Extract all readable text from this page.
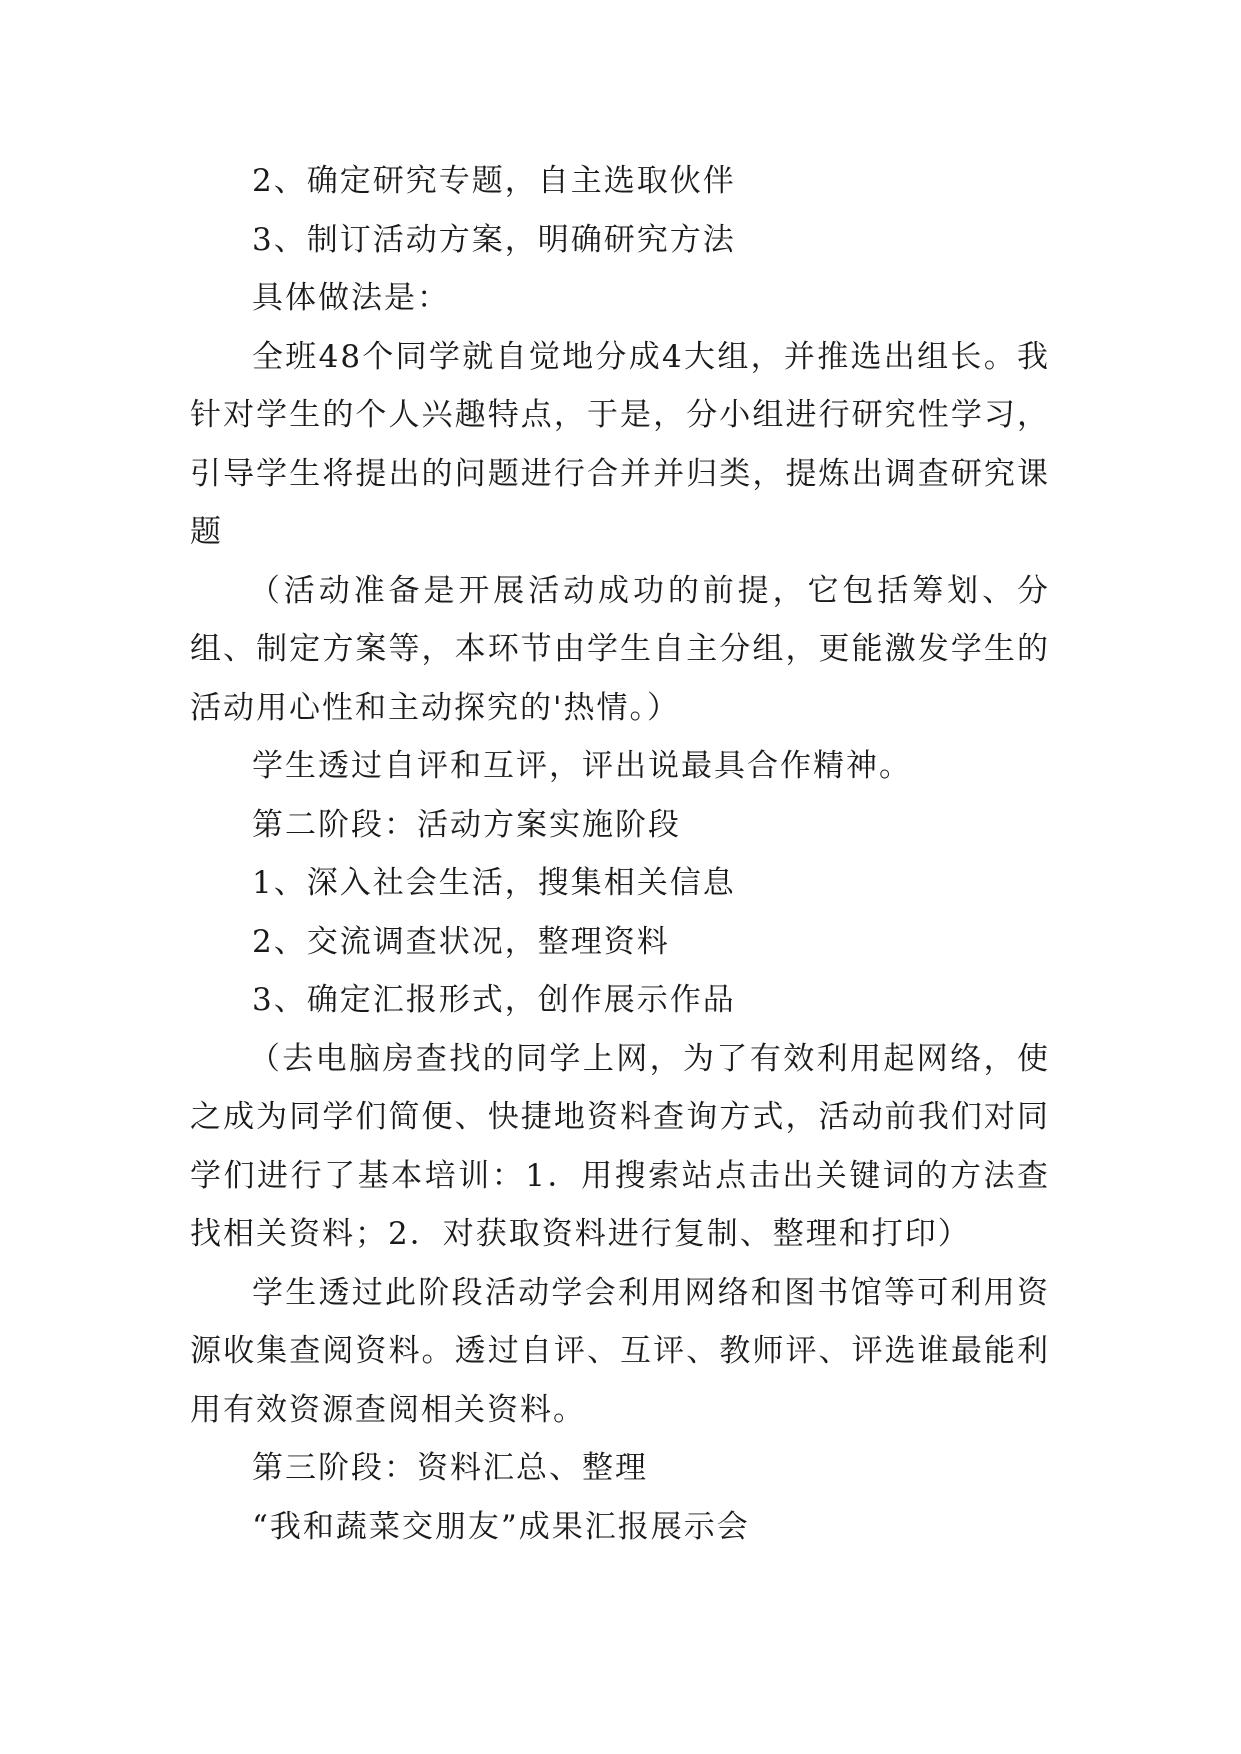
2、确定研究专题，自主选取伙伴

3、制订活动方案，明确研究方法

具体做法是：

全班48个同学就自觉地分成4大组，并推选出组长。我针对学生的个人兴趣特点，于是，分小组进行研究性学习，引导学生将提出的问题进行合并并归类，提炼出调查研究课题

（活动准备是开展活动成功的前提，它包括筹划、分组、制定方案等，本环节由学生自主分组，更能激发学生的活动用心性和主动探究的'热情。）

学生透过自评和互评，评出说最具合作精神。

第二阶段：活动方案实施阶段

1、深入社会生活，搜集相关信息

2、交流调查状况，整理资料

3、确定汇报形式，创作展示作品

（去电脑房查找的同学上网，为了有效利用起网络，使之成为同学们简便、快捷地资料查询方式，活动前我们对同学们进行了基本培训：1．用搜索站点击出关键词的方法查找相关资料；2．对获取资料进行复制、整理和打印）

学生透过此阶段活动学会利用网络和图书馆等可利用资源收集查阅资料。透过自评、互评、教师评、评选谁最能利用有效资源查阅相关资料。

第三阶段：资料汇总、整理

“我和蔬菜交朋友”成果汇报展示会
